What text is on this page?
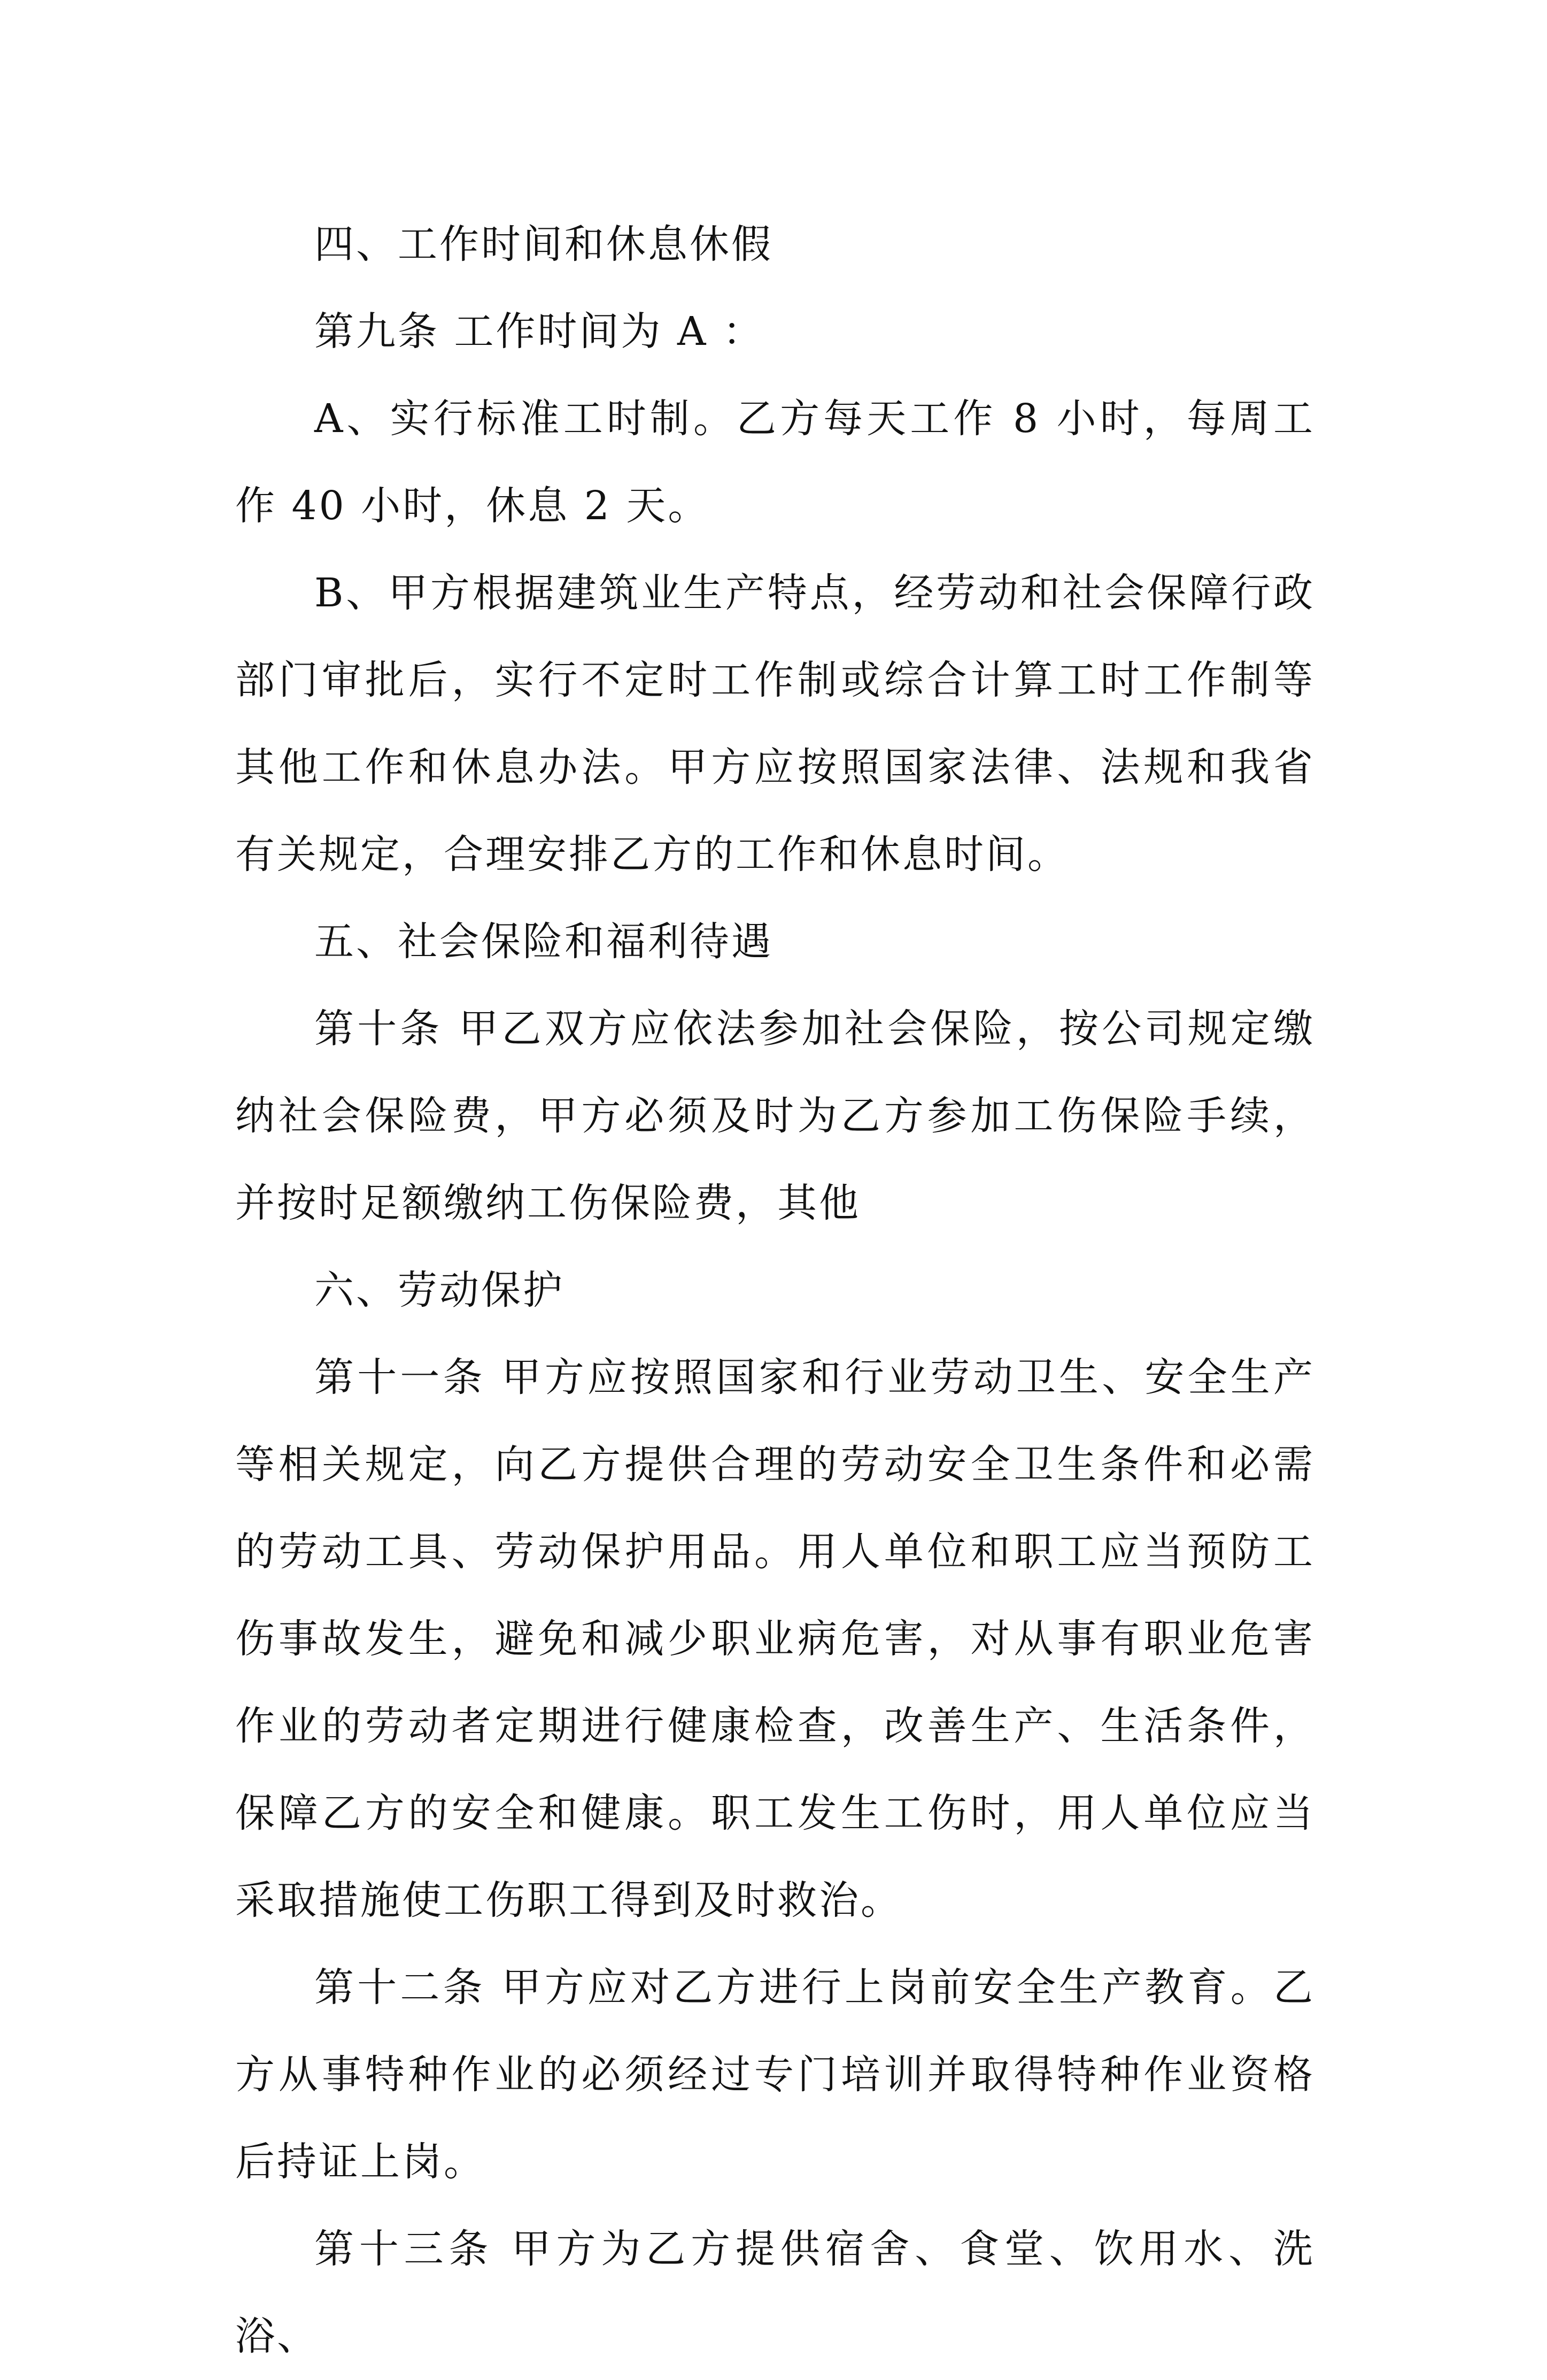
四、工作时间和休息休假

第九条 工作时间为 A ：

A、实行标准工时制。乙方每天工作 8 小时，每周工作 40 小时，休息 2 天。

B、甲方根据建筑业生产特点，经劳动和社会保障行政部门审批后，实行不定时工作制或综合计算工时工作制等其他工作和休息办法。甲方应按照国家法律、法规和我省有关规定，合理安排乙方的工作和休息时间。

五、社会保险和福利待遇

第十条 甲乙双方应依法参加社会保险，按公司规定缴纳社会保险费，甲方必须及时为乙方参加工伤保险手续，并按时足额缴纳工伤保险费，其他

六、劳动保护

第十一条 甲方应按照国家和行业劳动卫生、安全生产等相关规定，向乙方提供合理的劳动安全卫生条件和必需的劳动工具、劳动保护用品。用人单位和职工应当预防工伤事故发生，避免和减少职业病危害，对从事有职业危害作业的劳动者定期进行健康检查，改善生产、生活条件，保障乙方的安全和健康。职工发生工伤时，用人单位应当采取措施使工伤职工得到及时救治。

第十二条 甲方应对乙方进行上岗前安全生产教育。乙方从事特种作业的必须经过专门培训并取得特种作业资格后持证上岗。

第十三条 甲方为乙方提供宿舍、食堂、饮用水、洗浴、
